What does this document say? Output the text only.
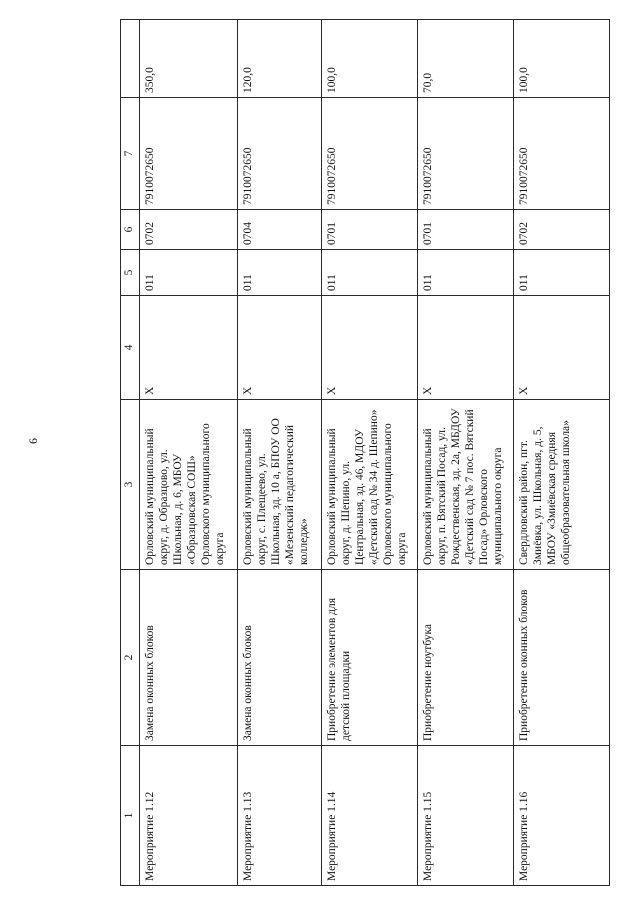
6
1	2	3	4	5	6	7	
Мероприятие 1.12	Замена оконных блоков	Орловский муниципальный округ, д. Образцово, ул. Школьная, д. 6, МБОУ «Образцовская СОШ» Орловского муниципального округа	Х	011	0702	7910072650	350,0
Мероприятие 1.13	Замена оконных блоков	Орловский муниципальный округ, с. Плещеево, ул. Школьная, зд. 10 а, БПОУ ОО «Мезенский педагогический колледж»	Х	011	0704	7910072650	120,0
Мероприятие 1.14	Приобретение элементов для детской площадки	Орловский муниципальный округ, д. Шепино, ул. Центральная, зд. 46, МДОУ «Детский сад № 34 д. Шепино» Орловского муниципального округа	Х	011	0701	7910072650	100,0
Мероприятие 1.15	Приобретение ноутбука	Орловский муниципальный округ, п. Вятский Посад, ул. Рождественская, зд. 2а, МБДОУ «Детский сад № 7 пос. Вятский Посад» Орловского муниципального округа	Х	011	0701	7910072650	70,0
Мероприятие 1.16	Приобретение оконных блоков	Свердловский район, пгт. Змиёвка, ул. Школьная, д. 5, МБОУ «Змиёвская средняя общеобразовательная школа»	Х	011	0702	7910072650	100,0
